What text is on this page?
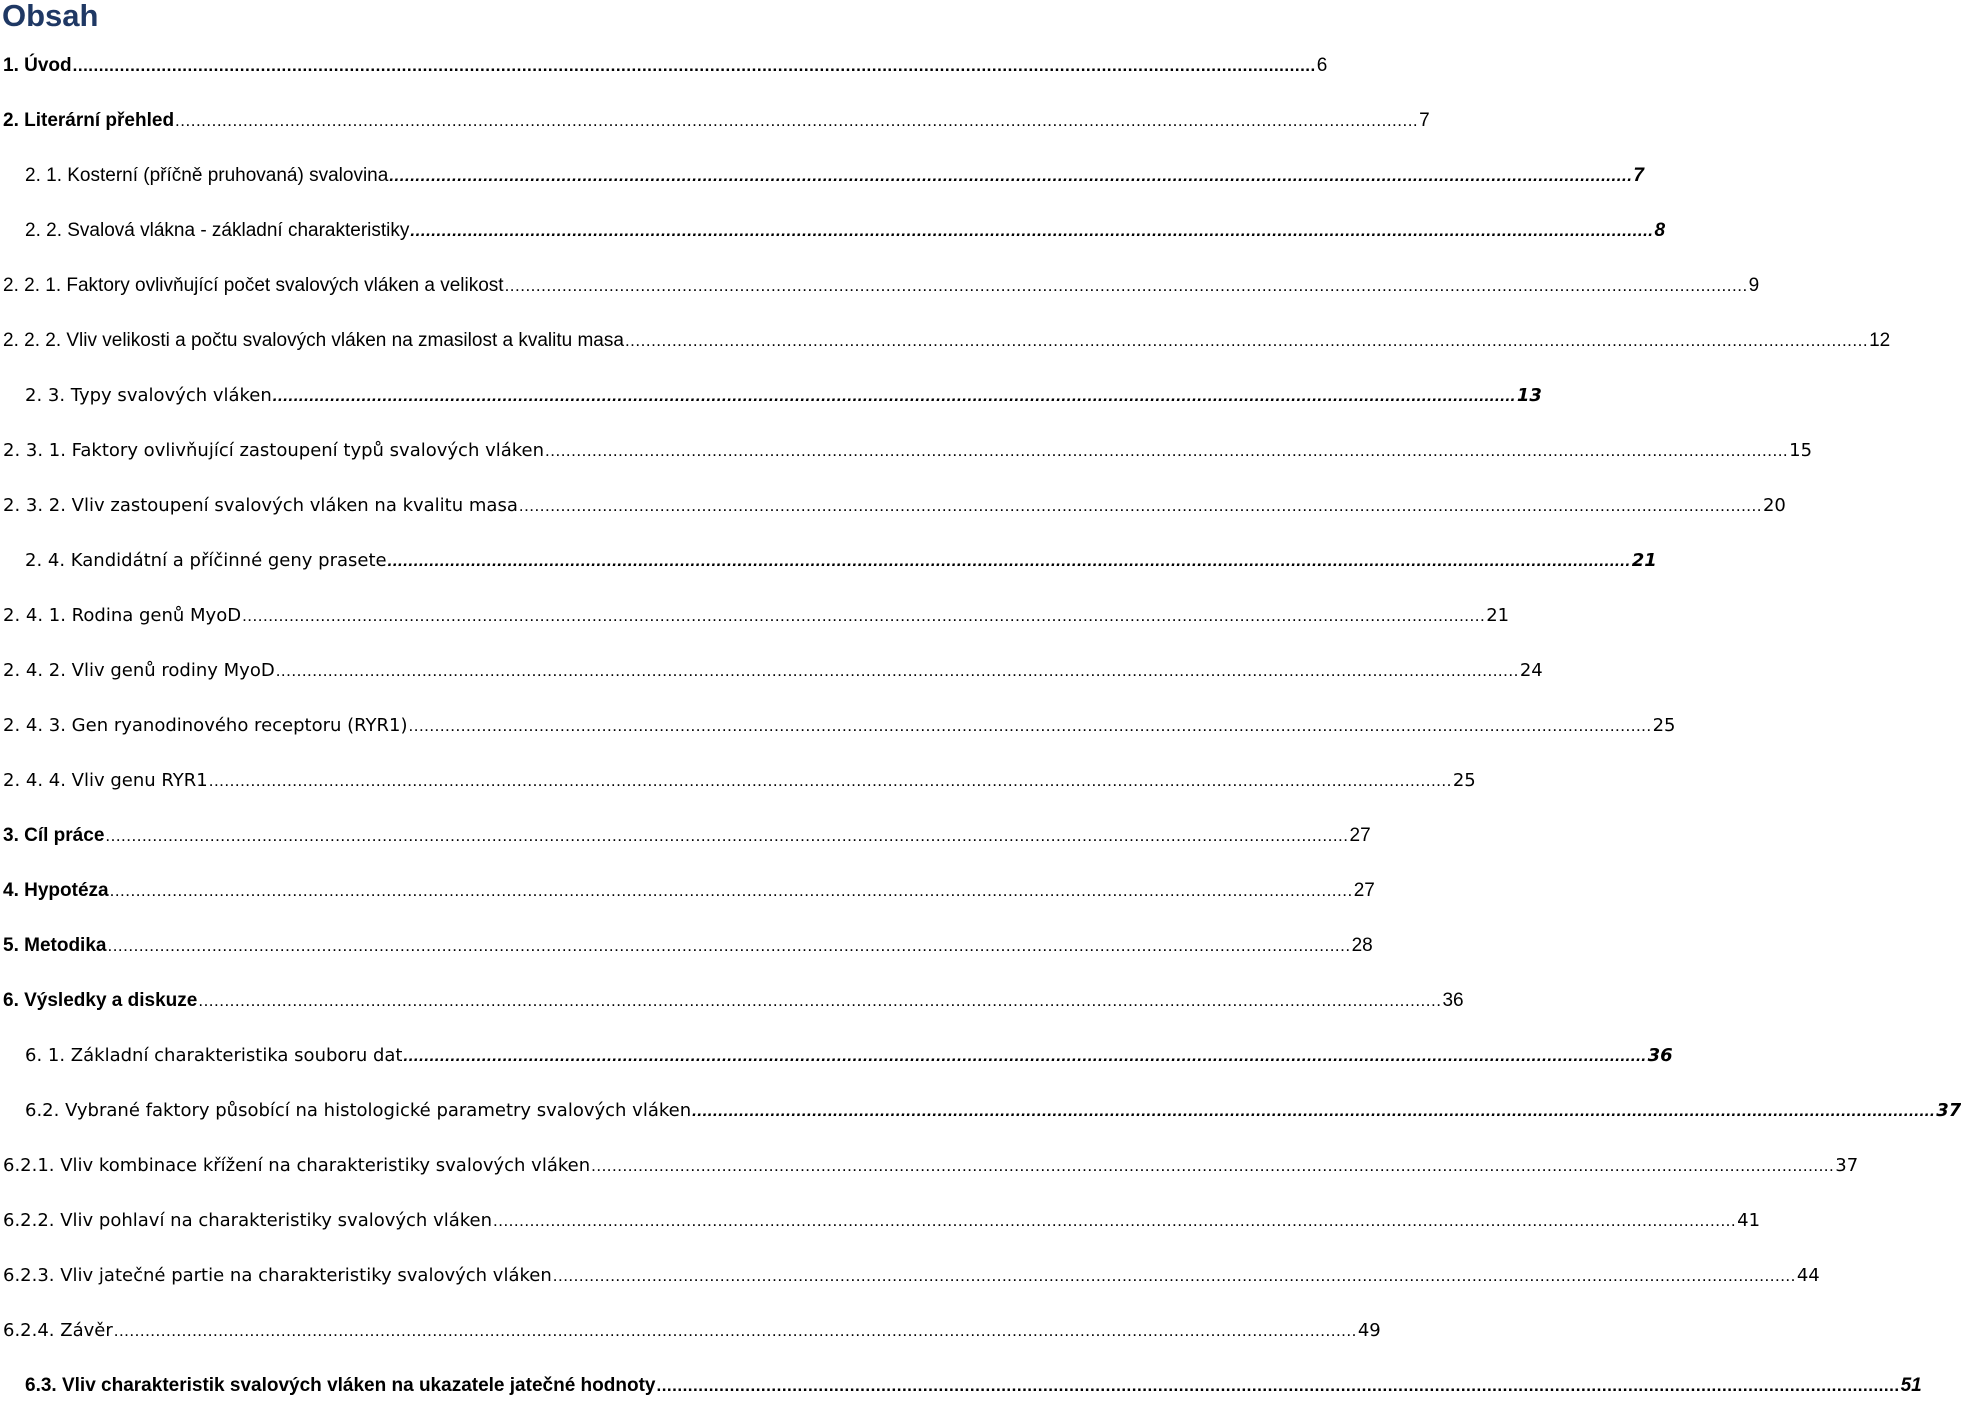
Obsah
1. Úvod .............................................................................................................................................................................................................................................. 6
2. Literární přehled .............................................................................................................................................................................................................................................. 7
2. 1. Kosterní (příčně pruhovaná) svalovina .............................................................................................................................................................................................................................................. 7
2. 2. Svalová vlákna - základní charakteristiky .............................................................................................................................................................................................................................................. 8
2. 2. 1. Faktory ovlivňující počet svalových vláken a velikost .............................................................................................................................................................................................................................................. 9
2. 2. 2. Vliv velikosti a počtu svalových vláken na zmasilost a kvalitu masa .............................................................................................................................................................................................................................................. 12
2. 3. Typy svalových vláken .............................................................................................................................................................................................................................................. 13
2. 3. 1. Faktory ovlivňující zastoupení typů svalových vláken .............................................................................................................................................................................................................................................. 15
2. 3. 2. Vliv zastoupení svalových vláken na kvalitu masa .............................................................................................................................................................................................................................................. 20
2. 4. Kandidátní a příčinné geny prasete .............................................................................................................................................................................................................................................. 21
2. 4. 1. Rodina genů MyoD .............................................................................................................................................................................................................................................. 21
2. 4. 2. Vliv genů rodiny MyoD .............................................................................................................................................................................................................................................. 24
2. 4. 3. Gen ryanodinového receptoru (RYR1) .............................................................................................................................................................................................................................................. 25
2. 4. 4. Vliv genu RYR1 .............................................................................................................................................................................................................................................. 25
3. Cíl práce .............................................................................................................................................................................................................................................. 27
4. Hypotéza .............................................................................................................................................................................................................................................. 27
5. Metodika .............................................................................................................................................................................................................................................. 28
6. Výsledky a diskuze .............................................................................................................................................................................................................................................. 36
6. 1. Základní charakteristika souboru dat .............................................................................................................................................................................................................................................. 36
6.2. Vybrané faktory působící na histologické parametry svalových vláken .............................................................................................................................................................................................................................................. 37
6.2.1. Vliv kombinace křížení na charakteristiky svalových vláken .............................................................................................................................................................................................................................................. 37
6.2.2. Vliv pohlaví na charakteristiky svalových vláken .............................................................................................................................................................................................................................................. 41
6.2.3. Vliv jatečné partie na charakteristiky svalových vláken .............................................................................................................................................................................................................................................. 44
6.2.4. Závěr .............................................................................................................................................................................................................................................. 49
6.3. Vliv charakteristik svalových vláken na ukazatele jatečné hodnoty .............................................................................................................................................................................................................................................. 51
